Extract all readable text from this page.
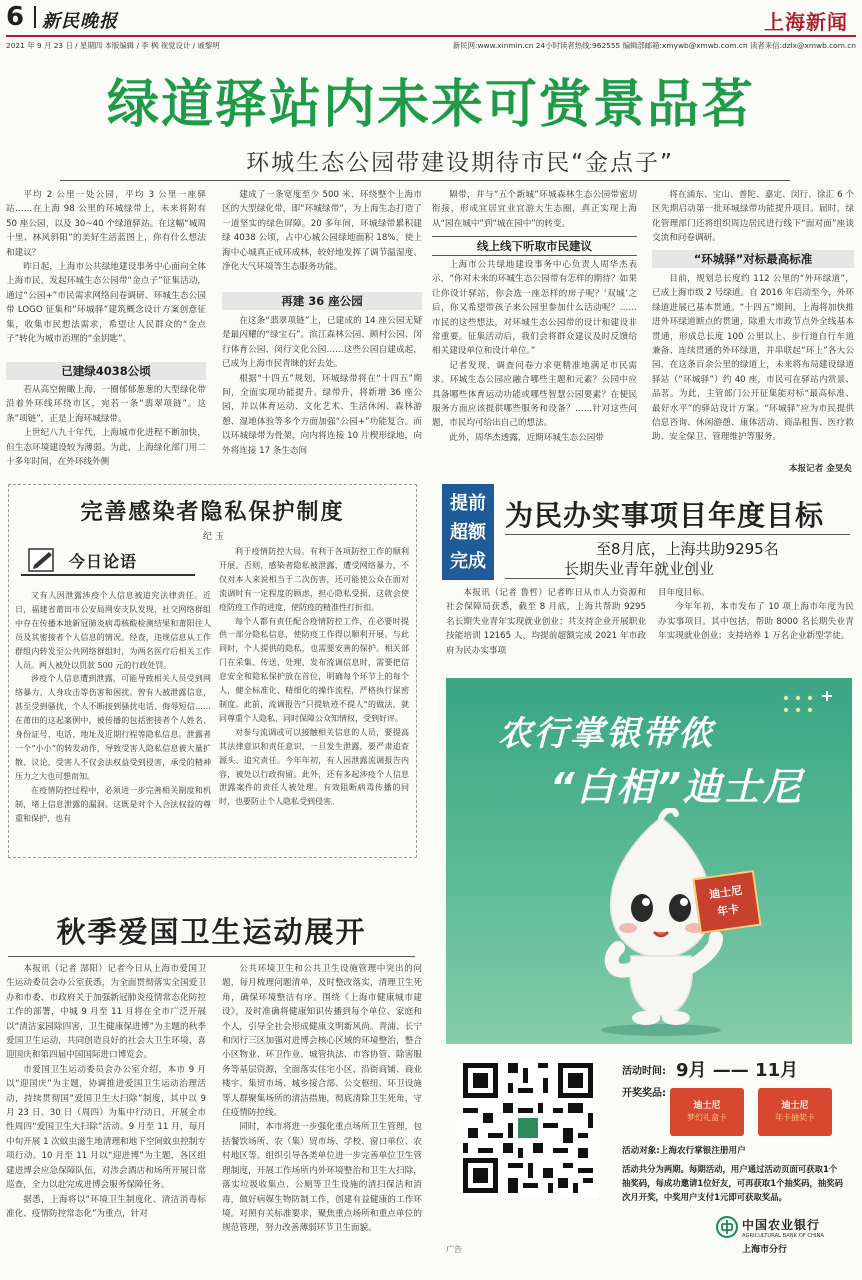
6 新民晚报	上海新闻
2021 年 9 月 23 日 / 星期四 本版编辑 / 李 枫 视觉设计 / 戚黎明	新民网:www.xinmin.cn 24小时读者热线:962555 编辑部邮箱:xmywb@xmwb.com.cn 读者来信:dzlx@xmwb.com.cn
绿道驿站内未来可赏景品茗
环城生态公园带建设期待市民“金点子”

平均 2 公里一处公园，平均 3 公里一座驿站……在上海 98 公里的环城绿带上，未来将附有 50 座公园，以及 30~40 个绿道驿站。在这幅“城周十里、林风斜阳”的美好生活蓝图上，你有什么想法和建议？

昨日起，上海市公共绿地建设事务中心面向全体上海市民，发起环城生态公园带“金点子”征集活动，通过“公园+”市民需求网络问卷调研、环城生态公园带 LOGO 征集和“环城驿”建筑概念设计方案创意征集，收集市民想法需求，希望让人民群众的“金点子”转化为城市治理的“金钥匙”。

已建绿4038公顷

若从高空俯瞰上海，一圈郁郁葱葱的大型绿化带沿着外环线环绕市区，宛若一条“翡翠项链”。这条“项链”，正是上海环城绿带。

上世纪八九十年代，上海城市化进程不断加快，但生态环境建设较为薄弱。为此，上海绿化部门用二十多年时间，在外环线外侧

建成了一条宽度至少 500 米、环绕整个上海市区的大型绿化带，即“环城绿带”，为上海生态打造了一道坚实的绿色屏障。20 多年间，环城绿带累积建绿 4038 公顷，占中心城公园绿地面积 18%，使上海中心城真正成环成林，较好地发挥了调节温湿度、净化大气环境等生态服务功能。

再建 36 座公园

在这条“翡翠项链”上，已建成的 14 座公园无疑是最闪耀的“绿宝石”。滨江森林公园、顾村公园、闵行体育公园、闵行文化公园……这些公园自建成起，已成为上海市民青睐的好去处。

根据“十四五”规划，环城绿带将在“十四五”期间，全面实现功能提升、绿带升，将新增 36 座公园，并以体育运动、文化艺术、生活休闲、森林游憩、湿地体验等多个方面加强“公园+”功能复合。而以环城绿带为骨架，向内将连接 10 片楔形绿地，向外将连接 17 条生态间

隔带，并与“五个新城”环城森林生态公园带密切衔接，形成宜居宜业宜游大生态圈，真正实现上海从“园在城中”到“城在园中”的转变。

线上线下听取市民建议

上海市公共绿地建设事务中心负责人周华杰表示，“你对未来的环城生态公园带有怎样的期待？如果让你设计驿站，你会选一座怎样的房子呢？‘双城’之后，你又希望带孩子来公园里参加什么活动呢？……市民的这些想法，对环城生态公园带的设计和建设非常重要。征集活动后，我们会将群众建议及时反馈给相关建设单位和设计单位。”

记者发现，调查问卷力求更精准地满足市民需求。环城生态公园应融合哪些主题和元素？公园中应具备哪些体育运动功能或哪些智慧公园要素？在便民服务方面应该提供哪些服务和设备？……针对这些问题，市民均可给出自己的想法。

此外，周华杰透露，近期环城生态公园带

将在浦东、宝山、普陀、嘉定、闵行、徐汇 6 个区先期启动第一批环城绿带功能提升项目。届时，绿化管理部门还将组织周边居民进行线下“面对面”座谈交流和问卷调研。

“环城驿”对标最高标准

目前，规划总长度约 112 公里的“外环绿道”，已成上海市级 2 号绿道。自 2016 年启动至今，外环绿道进展已基本贯通。“十四五”期间，上海将加快推进外环绿道断点的贯通，除重大市政节点外全线基本贯通，形成总长度 100 公里以上、步行道自行车道兼备、连续贯通的外环绿道，并串联起“环上”各大公园，在这条百余公里的绿道上，未来将布局建设绿道驿站（“环城驿”）约 40 座，市民可在驿站内赏景、品茗。为此，主管部门公开征集能对标“最高标准、最好水平”的驿站设计方案。“环城驿”应为市民提供信息咨询、休闲游憩、康体活动、商品租售、医疗救助、安全保卫、管理维护等服务。

本报记者 金旻矣
完善感染者隐私保护制度
纪 玉
今日论语

又有人因泄露涉疫个人信息被追究法律责任。近日，福建省莆田市公安局网安支队发现，社交网络群组中存在传播本地新冠肺炎病毒核酸检测结果和莆阳往人员及其密接者个人信息的情况。经查，违规信息从工作群组内转发至公共网络群组时，为两名医疗后相关工作人员。两人被处以罚款 500 元的行政处罚。

涉疫个人信息遭到泄露，可能导致相关人员受到网络暴力、人身攻击等伤害和困扰。曾有人被泄露信息，甚至受到骚扰，个人不断接到骚扰电话、侮辱短信……在莆田的这起案例中，被传播的包括密接者个人姓名、身份证号、电话、地址及近期行程等隐私信息。泄露者一个“小小”的转发动作，导致受害人隐私信息被大量扩散、议论，受害人不仅会法权益受到侵害，承受的精神压力之大也可想而知。

在疫情防控过程中，必须进一步完善相关制度和机制，堵上信息泄露的漏洞。这既是对个人合法权益的尊重和保护，也有

利于疫情防控大局。有利于各项防控工作的顺利开展。否则，感染者隐私被泄露，遭受网络暴力，不仅对本人来说相当于二次伤害，还可能使公众在面对流调时有一定程度的顾虑，担心隐私受损，这就会使疫防疫工作的进度，使防疫的精准性打折扣。

每个人都有责任配合疫情防控工作，在必要时提供一部分隐私信息，使防疫工作得以顺利开展。与此同时，个人提供的隐私，也需要安善的保护。相关部门在采集、传送、处理、发布流调信息时，需要把信息安全和隐私保护放在首位，明确每个环节上的每个人，健全标准化、精细化的操作流程，严格执行保密制度。此前，流调报告“只提轨迹不提人”的做法，就同尊重个人隐私、同时保障公众知情权，受到好评。

对参与流调或可以接触相关信息的人员，要提高其法律意识和责任意识，一旦发生泄露，要严肃追查源头、追究责任。今年年初，有人因泄露流调报告内容，被处以行政拘留。此外，还有多起涉疫个人信息泄露案件的责任人被处理。有效阻断病毒传播的同时，也要防止个人隐私受到侵害。

秋季爱国卫生运动展开

本报讯（记者 郜阳）记者今日从上海市爱国卫生运动委员会办公室获悉，为全面贯彻落实全国爱卫办和市委、市政府关于加强新冠肺炎疫情常态化防控工作的部署，中城 9 月至 11 月将在全市广泛开展以“清洁家园除四害，卫生健康保进博”为主题的秋季爱国卫生运动，共同创造良好的社会大卫生环境，喜迎国庆和第四届中国国际进口博览会。

市爱国卫生运动委员会办公室介绍，本市 9 月以“迎国庆”为主题，协调推进爱国卫生运动治理活动，持续贯彻国“爱国卫生大扫除”制度，其中以 9 月 23 日、30 日（周四）为集中行动日，开展全市性周四“爱国卫生大扫除”活动。9 月至 11 月，每月中旬开展 1 次蚊虫滋生地清理和地下空间蚊虫控制专项行动。10 月至 11 月以“迎进博”为主题，各区组建进博会应急保障队伍，对涉会酒店和场所开展日常巡查，全力以赴完成进博会服务保障任务。

据悉，上海将以“环境卫生制度化、清洁消毒标准化、疫情防控常态化”为重点，针对

公共环境卫生和公共卫生设施管理中突出的问题，每月梳理问题清单，及时整改落实，清理卫生死角，确保环境整洁有序。围绕《上海市健康城市建设》，及时准确将健康知识传播到每个单位、家庭和个人，引导全社会形成健康文明新风尚。青浦、长宁和闵行三区加强对进博会核心区域的环境整治，整合小区物业、环卫作业、城管执法、市容协管、除害服务等基层资源，全面落实住宅小区、沿街商铺、商业楼宇、集贸市场、城乡接合部、公交枢纽、环卫设施等人群聚集场所的清洁措施，彻底清除卫生死角，守住疫情防控线。

同时，本市将进一步强化重点场所卫生管理，包括餐饮场所、农（集）贸市场、学校、窗口单位、农村地区等。组织引导各类单位进一步完善单位卫生管理制度，开展工作场所内外环境整治和卫生大扫除，落实垃圾收集点、公厕等卫生设施的清扫保洁和消毒，做好病媒生物防制工作，创建有益健康的工作环境。对照有关标准要求，聚焦重点场所和重点单位的规范管理，努力改善薄弱环节卫生面貌。

提前
超额
完成
为民办实事项目年度目标
至8月底，上海共助9295名
长期失业青年就业创业

本报讯（记者 鲁哲）记者昨日从市人力资源和社会保障局获悉，截至 8 月底，上海共帮助 9295 名长期失业青年实现就业创业；共支持企业开展职业技能培训 12165 人，均提前超额完成 2021 年市政府为民办实事项

目年度目标。

今年年初，本市发布了 10 项上海市年度为民办实事项目。其中包括，帮助 8000 名长期失业青年实现就业创业；支持培养 1 万名企业新型学徒。

农行掌银带侬
“白相”迪士尼
迪士尼
年卡
活动时间: 9月 —— 11月
开奖奖品:
迪士尼
梦幻礼盒卡
迪士尼
年卡抽奖卡
活动对象:上海农行掌银注册用户
活动共分为两期。每期活动，用户通过活动页面可获取1个抽奖码，每成功邀请1位好友，可再获取1个抽奖码，抽奖码次月开奖，中奖用户支付1元即可获取奖品。
广告
中国农业银行
AGRICULTURAL BANK OF CHINA
上海市分行
